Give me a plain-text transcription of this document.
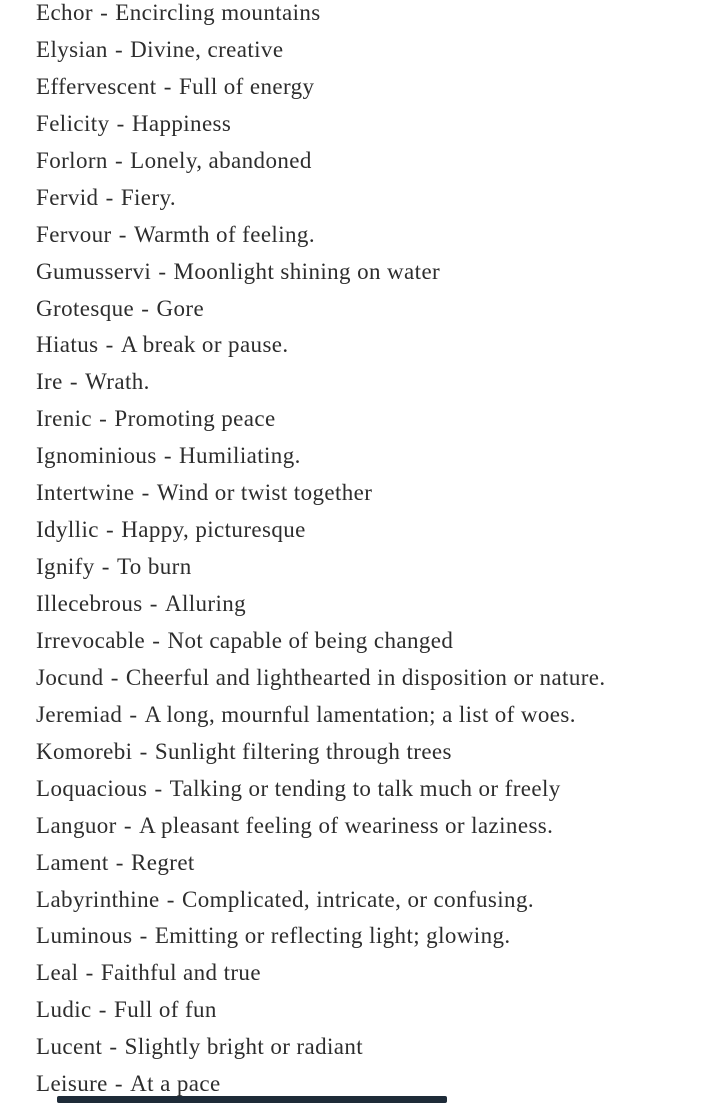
Echor - Encircling mountains
Elysian - Divine, creative
Effervescent - Full of energy
Felicity - Happiness
Forlorn - Lonely, abandoned
Fervid - Fiery.
Fervour - Warmth of feeling.
Gumusservi - Moonlight shining on water
Grotesque - Gore
Hiatus - A break or pause.
Ire - Wrath.
Irenic - Promoting peace
Ignominious - Humiliating.
Intertwine - Wind or twist together
Idyllic - Happy, picturesque
Ignify - To burn
Illecebrous - Alluring
Irrevocable - Not capable of being changed
Jocund - Cheerful and lighthearted in disposition or nature.
Jeremiad - A long, mournful lamentation; a list of woes.
Komorebi - Sunlight filtering through trees
Loquacious - Talking or tending to talk much or freely
Languor - A pleasant feeling of weariness or laziness.
Lament - Regret
Labyrinthine - Complicated, intricate, or confusing.
Luminous - Emitting or reflecting light; glowing.
Leal - Faithful and true
Ludic - Full of fun
Lucent - Slightly bright or radiant
Leisure - At a pace
